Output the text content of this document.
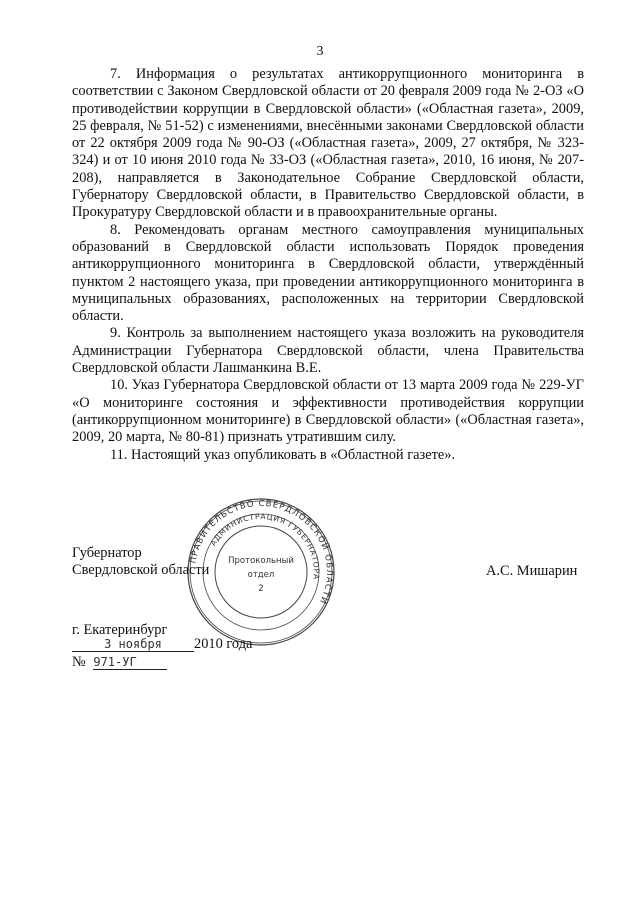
3

7. Информация о результатах антикоррупционного мониторинга в соответствии с Законом Свердловской области от 20 февраля 2009 года № 2-ОЗ «О противодействии коррупции в Свердловской области» («Областная газета», 2009, 25 февраля, № 51-52) с изменениями, внесёнными законами Свердловской области от 22 октября 2009 года № 90-ОЗ («Областная газета», 2009, 27 октября, № 323-324) и от 10 июня 2010 года № 33-ОЗ («Областная газета», 2010, 16 июня, № 207-208), направляется в Законодательное Собрание Свердловской области, Губернатору Свердловской области, в Правительство Свердловской области, в Прокуратуру Свердловской области и в правоохранительные органы.

8. Рекомендовать органам местного самоуправления муниципальных образований в Свердловской области использовать Порядок проведения антикоррупционного мониторинга в Свердловской области, утверждённый пунктом 2 настоящего указа, при проведении антикоррупционного мониторинга в муниципальных образованиях, расположенных на территории Свердловской области.

9. Контроль за выполнением настоящего указа возложить на руководителя Администрации Губернатора Свердловской области, члена Правительства Свердловской области Лашманкина В.Е.

10. Указ Губернатора Свердловской области от 13 марта 2009 года № 229-УГ «О мониторинге состояния и эффективности противодействия коррупции (антикоррупционном мониторинге) в Свердловской области» («Областная газета», 2009, 20 марта, № 80-81) признать утратившим силу.

11. Настоящий указ опубликовать в «Областной газете».

ПРАВИТЕЛЬСТВО СВЕРДЛОВСКОЙ ОБЛАСТИ
АДМИНИСТРАЦИЯ ГУБЕРНАТОРА
Протокольный
отдел
2
Губернатор
Свердловской области	А.С. Мишарин
г. Екатеринбург
3 ноября 2010 года
№ 971-УГ
